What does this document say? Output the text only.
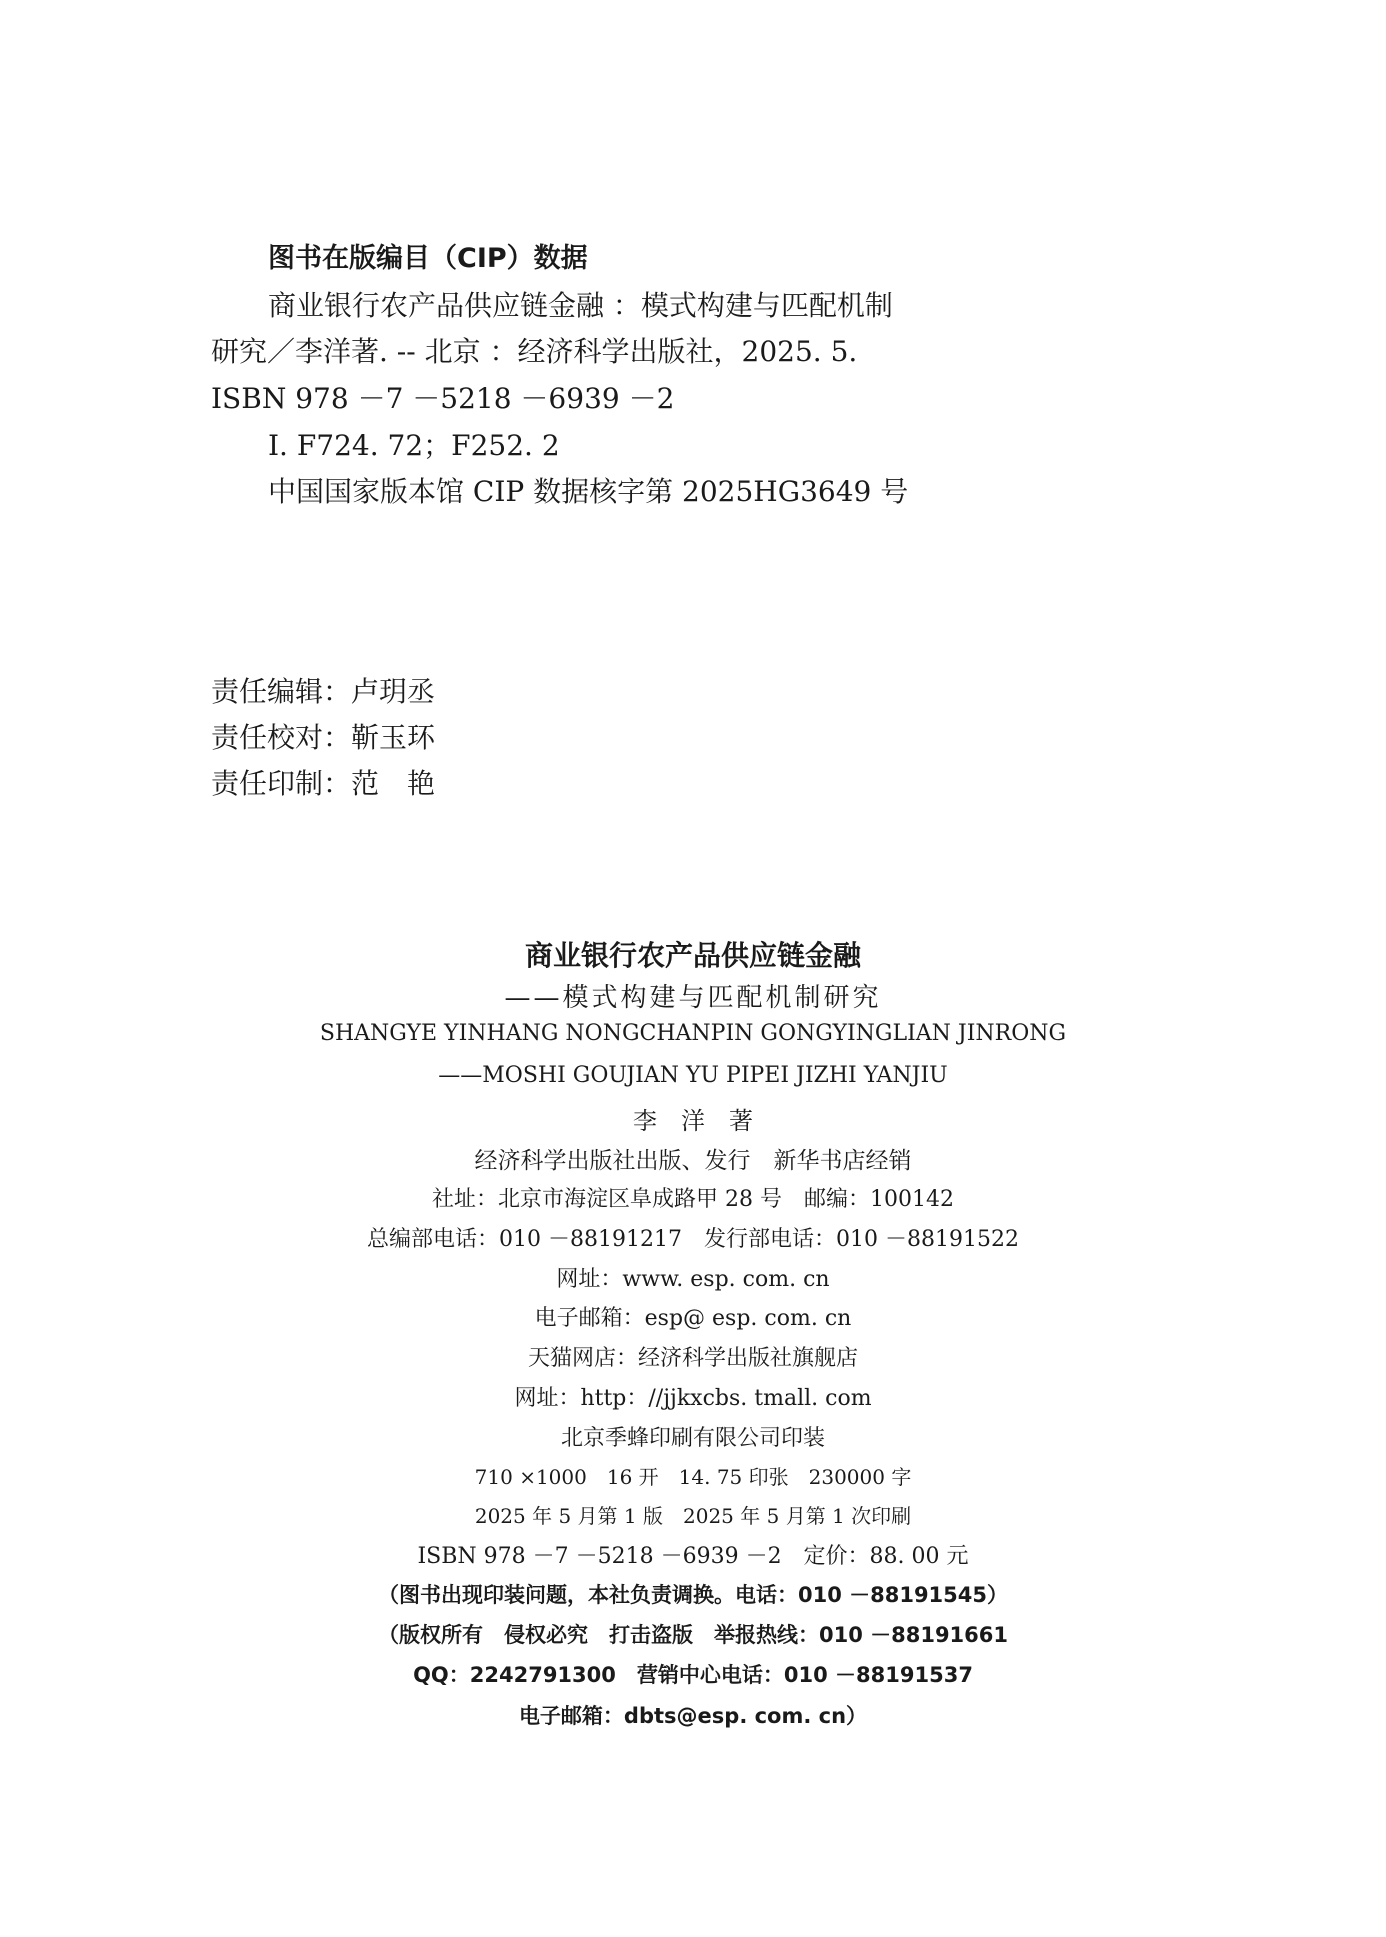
图书在版编目（CIP）数据
商业银行农产品供应链金融 ：模式构建与匹配机制
研究／李洋著. -- 北京 ：经济科学出版社，2025. 5.
ISBN 978 －7 －5218 －6939 －2
Ⅰ. F724. 72；F252. 2
中国国家版本馆 CIP 数据核字第 2025HG3649 号
责任编辑：卢玥丞
责任校对：靳玉环
责任印制：范　艳
商业银行农产品供应链金融
——模式构建与匹配机制研究
SHANGYE YINHANG NONGCHANPIN GONGYINGLIAN JINRONG
——MOSHI GOUJIAN YU PIPEI JIZHI YANJIU
李　洋　著
经济科学出版社出版、发行　新华书店经销
社址：北京市海淀区阜成路甲 28 号　邮编：100142
总编部电话：010 －88191217　发行部电话：010 －88191522
网址：www. esp. com. cn
电子邮箱：esp@ esp. com. cn
天猫网店：经济科学出版社旗舰店
网址：http：//jjkxcbs. tmall. com
北京季蜂印刷有限公司印装
710 ×1000　16 开　14. 75 印张　230000 字
2025 年 5 月第 1 版　2025 年 5 月第 1 次印刷
ISBN 978 －7 －5218 －6939 －2　定价：88. 00 元
（图书出现印装问题，本社负责调换。电话：010 －88191545）
（版权所有　侵权必究　打击盗版　举报热线：010 －88191661
QQ：2242791300　营销中心电话：010 －88191537
电子邮箱：dbts@esp. com. cn）
